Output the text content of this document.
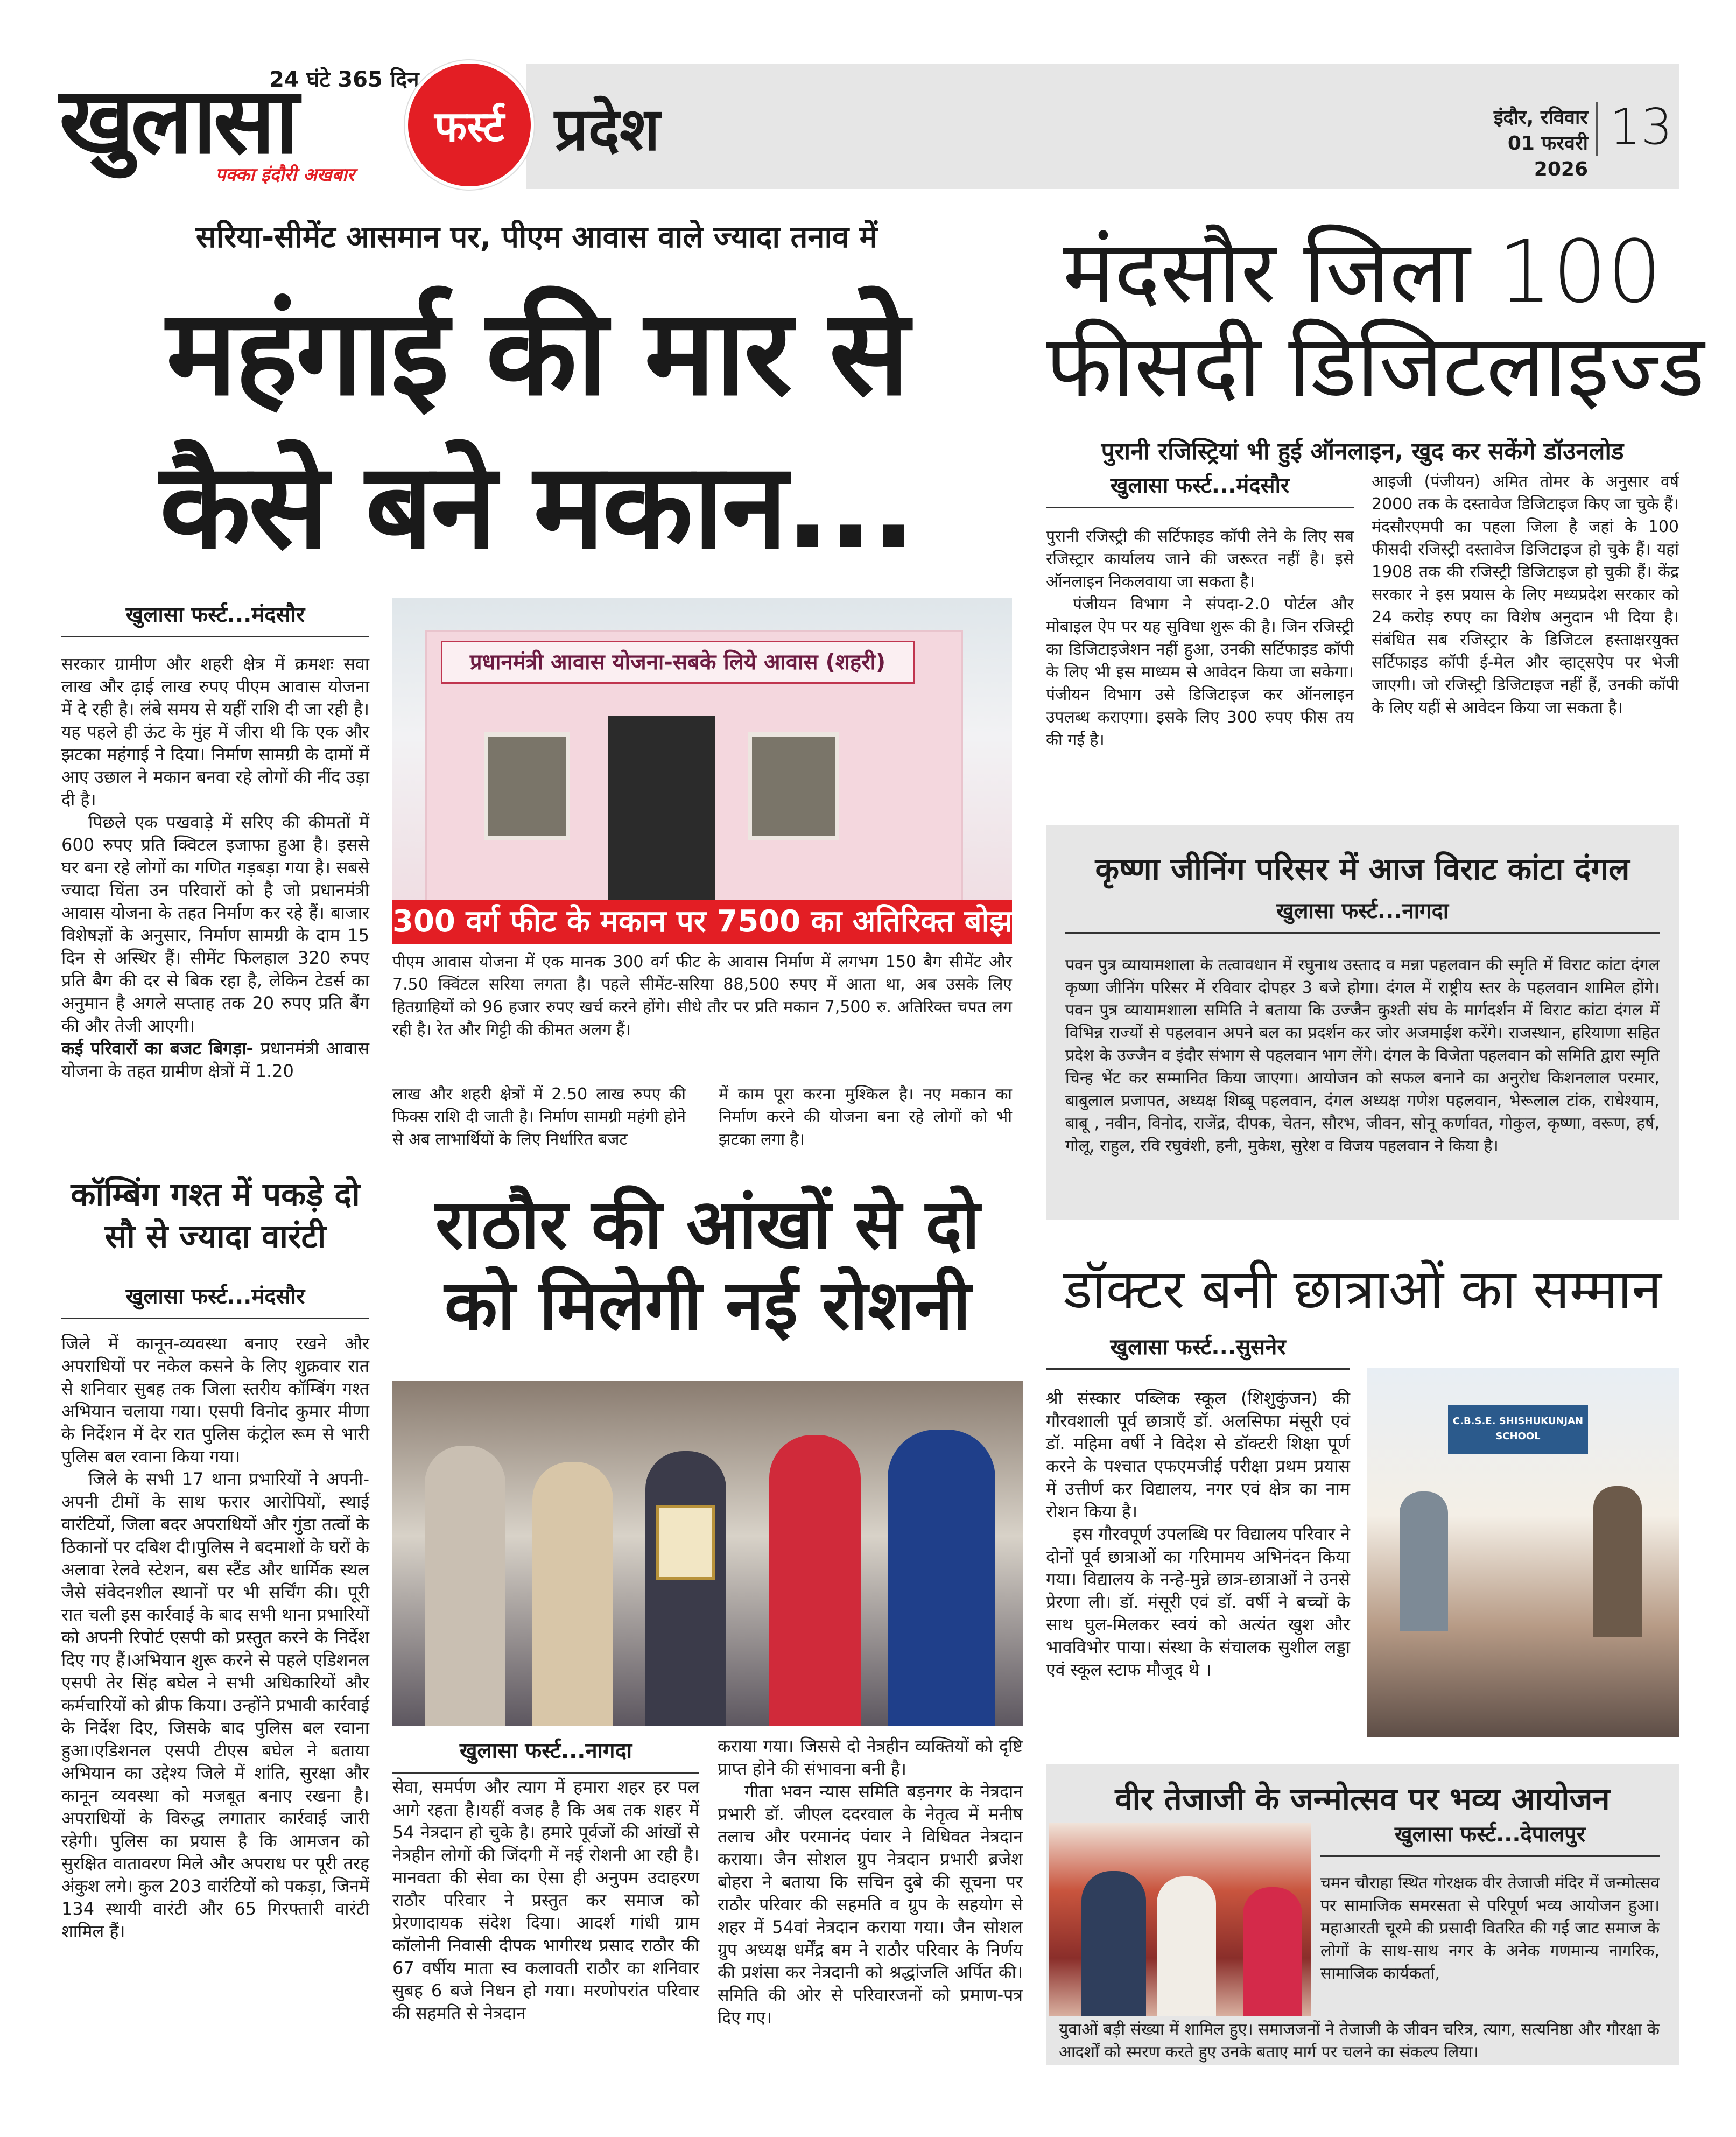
24 घंटे 365 दिन
खुलासा
पक्का इंदौरी अखबार
फर्स्ट प्रदेश	इंदौर, रविवार
01 फरवरी 2026
13
सरिया-सीमेंट आसमान पर, पीएम आवास वाले ज्यादा तनाव में
महंगाई की मार से
कैसे बने मकान...
खुलासा फर्स्ट...मंदसौर

सरकार ग्रामीण और शहरी क्षेत्र में क्रमशः सवा लाख और ढ़ाई लाख रुपए पीएम आवास योजना में दे रही है। लंबे समय से यहीं राशि दी जा रही है। यह पहले ही ऊंट के मुंह में जीरा थी कि एक और झटका महंगाई ने दिया। निर्माण सामग्री के दामों में आए उछाल ने मकान बनवा रहे लोगों की नींद उड़ा दी है।

पिछले एक पखवाड़े में सरिए की कीमतों में 600 रुपए प्रति क्विटल इजाफा हुआ है। इससे घर बना रहे लोगों का गणित गड़बड़ा गया है। सबसे ज्यादा चिंता उन परिवारों को है जो प्रधानमंत्री आवास योजना के तहत निर्माण कर रहे हैं। बाजार विशेषज्ञों के अनुसार, निर्माण सामग्री के दाम 15 दिन से अस्थिर हैं। सीमेंट फिलहाल 320 रुपए प्रति बैग की दर से बिक रहा है, लेकिन टेडर्स का अनुमान है अगले सप्ताह तक 20 रुपए प्रति बैंग की और तेजी आएगी।

कई परिवारों का बजट बिगड़ा- प्रधानमंत्री आवास योजना के तहत ग्रामीण क्षेत्रों में 1.20
प्रधानमंत्री आवास योजना-सबके लिये आवास (शहरी)
300 वर्ग फीट के मकान पर 7500 का अतिरिक्त बोझ
पीएम आवास योजना में एक मानक 300 वर्ग फीट के आवास निर्माण में लगभग 150 बैग सीमेंट और 7.50 क्विंटल सरिया लगता है। पहले सीमेंट-सरिया 88,500 रुपए में आता था, अब उसके लिए हितग्राहियों को 96 हजार रुपए खर्च करने होंगे। सीधे तौर पर प्रति मकान 7,500 रु. अतिरिक्त चपत लग रही है। रेत और गिट्टी की कीमत अलग हैं।
लाख और शहरी क्षेत्रों में 2.50 लाख रुपए की फिक्स राशि दी जाती है। निर्माण सामग्री महंगी होने से अब लाभार्थियों के लिए निर्धारित बजट
में काम पूरा करना मुश्किल है। नए मकान का निर्माण करने की योजना बना रहे लोगों को भी झटका लगा है।
कॉम्बिंग गश्त में पकड़े दो सौ से ज्यादा वारंटी
खुलासा फर्स्ट...मंदसौर

जिले में कानून-व्यवस्था बनाए रखने और अपराधियों पर नकेल कसने के लिए शुक्रवार रात से शनिवार सुबह तक जिला स्तरीय कॉम्बिंग गश्त अभियान चलाया गया। एसपी विनोद कुमार मीणा के निर्देशन में देर रात पुलिस कंट्रोल रूम से भारी पुलिस बल रवाना किया गया।

जिले के सभी 17 थाना प्रभारियों ने अपनी-अपनी टीमों के साथ फरार आरोपियों, स्थाई वारंटियों, जिला बदर अपराधियों और गुंडा तत्वों के ठिकानों पर दबिश दी।पुलिस ने बदमाशों के घरों के अलावा रेलवे स्टेशन, बस स्टैंड और धार्मिक स्थल जैसे संवेदनशील स्थानों पर भी सर्चिंग की। पूरी रात चली इस कार्रवाई के बाद सभी थाना प्रभारियों को अपनी रिपोर्ट एसपी को प्रस्तुत करने के निर्देश दिए गए हैं।अभियान शुरू करने से पहले एडिशनल एसपी तेर सिंह बघेल ने सभी अधिकारियों और कर्मचारियों को ब्रीफ किया। उन्होंने प्रभावी कार्रवाई के निर्देश दिए, जिसके बाद पुलिस बल रवाना हुआ।एडिशनल एसपी टीएस बघेल ने बताया अभियान का उद्देश्य जिले में शांति, सुरक्षा और कानून व्यवस्था को मजबूत बनाए रखना है। अपराधियों के विरुद्ध लगातार कार्रवाई जारी रहेगी। पुलिस का प्रयास है कि आमजन को सुरक्षित वातावरण मिले और अपराध पर पूरी तरह अंकुश लगे। कुल 203 वारंटियों को पकड़ा, जिनमें 134 स्थायी वारंटी और 65 गिरफ्तारी वारंटी शामिल हैं।

राठौर की आंखों से दो को मिलेगी नई रोशनी
खुलासा फर्स्ट...नागदा
सेवा, समर्पण और त्याग में हमारा शहर हर पल आगे रहता है।यहीं वजह है कि अब तक शहर में 54 नेत्रदान हो चुके है। हमारे पूर्वजों की आंखों से नेत्रहीन लोगों की जिंदगी में नई रोशनी आ रही है। मानवता की सेवा का ऐसा ही अनुपम उदाहरण राठौर परिवार ने प्रस्तुत कर समाज को प्रेरणादायक संदेश दिया। आदर्श गांधी ग्राम कॉलोनी निवासी दीपक भागीरथ प्रसाद राठौर की 67 वर्षीय माता स्व कलावती राठौर का शनिवार सुबह 6 बजे निधन हो गया। मरणोपरांत परिवार की सहमति से नेत्रदान

कराया गया। जिससे दो नेत्रहीन व्यक्तियों को दृष्टि प्राप्त होने की संभावना बनी है।

गीता भवन न्यास समिति बड़नगर के नेत्रदान प्रभारी डॉ. जीएल ददरवाल के नेतृत्व में मनीष तलाच और परमानंद पंवार ने विधिवत नेत्रदान कराया। जैन सोशल ग्रुप नेत्रदान प्रभारी ब्रजेश बोहरा ने बताया कि सचिन दुबे की सूचना पर राठौर परिवार की सहमति व ग्रुप के सहयोग से शहर में 54वां नेत्रदान कराया गया। जैन सोशल ग्रुप अध्यक्ष धर्मेंद्र बम ने राठौर परिवार के निर्णय की प्रशंसा कर नेत्रदानी को श्रद्धांजलि अर्पित की। समिति की ओर से परिवारजनों को प्रमाण-पत्र दिए गए।

मंदसौर जिला 100
फीसदी डिजिटलाइज्ड
पुरानी रजिस्ट्रियां भी हुई ऑनलाइन, खुद कर सकेंगे डॉउनलोड
खुलासा फर्स्ट...मंदसौर

पुरानी रजिस्ट्री की सर्टिफाइड कॉपी लेने के लिए सब रजिस्ट्रार कार्यालय जाने की जरूरत नहीं है। इसे ऑनलाइन निकलवाया जा सकता है।

पंजीयन विभाग ने संपदा-2.0 पोर्टल और मोबाइल ऐप पर यह सुविधा शुरू की है। जिन रजिस्ट्री का डिजिटाइजेशन नहीं हुआ, उनकी सर्टिफाइड कॉपी के लिए भी इस माध्यम से आवेदन किया जा सकेगा। पंजीयन विभाग उसे डिजिटाइज कर ऑनलाइन उपलब्ध कराएगा। इसके लिए 300 रुपए फीस तय की गई है।

आइजी (पंजीयन) अमित तोमर के अनुसार वर्ष 2000 तक के दस्तावेज डिजिटाइज किए जा चुके हैं। मंदसौरएमपी का पहला जिला है जहां के 100 फीसदी रजिस्ट्री दस्तावेज डिजिटाइज हो चुके हैं। यहां 1908 तक की रजिस्ट्री डिजिटाइज हो चुकी हैं। केंद्र सरकार ने इस प्रयास के लिए मध्यप्रदेश सरकार को 24 करोड़ रुपए का विशेष अनुदान भी दिया है। संबंधित सब रजिस्ट्रार के डिजिटल हस्ताक्षरयुक्त सर्टिफाइड कॉपी ई-मेल और व्हाट्सऐप पर भेजी जाएगी। जो रजिस्ट्री डिजिटाइज नहीं हैं, उनकी कॉपी के लिए यहीं से आवेदन किया जा सकता है।
कृष्णा जीनिंग परिसर में आज विराट कांटा दंगल
खुलासा फर्स्ट...नागदा
पवन पुत्र व्यायामशाला के तत्वावधान में रघुनाथ उस्ताद व मन्ना पहलवान की स्मृति में विराट कांटा दंगल कृष्णा जीनिंग परिसर में रविवार दोपहर 3 बजे होगा। दंगल में राष्ट्रीय स्तर के पहलवान शामिल होंगे। पवन पुत्र व्यायामशाला समिति ने बताया कि उज्जैन कुश्ती संघ के मार्गदर्शन में विराट कांटा दंगल में विभिन्न राज्यों से पहलवान अपने बल का प्रदर्शन कर जोर अजमाईश करेंगे। राजस्थान, हरियाणा सहित प्रदेश के उज्जैन व इंदौर संभाग से पहलवान भाग लेंगे। दंगल के विजेता पहलवान को समिति द्वारा स्मृति चिन्ह भेंट कर सम्मानित किया जाएगा। आयोजन को सफल बनाने का अनुरोध किशनलाल परमार, बाबुलाल प्रजापत, अध्यक्ष शिब्बू पहलवान, दंगल अध्यक्ष गणेश पहलवान, भेरूलाल टांक, राधेश्याम, बाबू , नवीन, विनोद, राजेंद्र, दीपक, चेतन, सौरभ, जीवन, सोनू कर्णावत, गोकुल, कृष्णा, वरूण, हर्ष, गोलू, राहुल, रवि रघुवंशी, हनी, मुकेश, सुरेश व विजय पहलवान ने किया है।
डॉक्टर बनी छात्राओं का सम्मान
खुलासा फर्स्ट...सुसनेर

श्री संस्कार पब्लिक स्कूल (शिशुकुंजन) की गौरवशाली पूर्व छात्राएँ डॉ. अलसिफा मंसूरी एवं डॉ. महिमा वर्षी ने विदेश से डॉक्टरी शिक्षा पूर्ण करने के पश्चात एफएमजीई परीक्षा प्रथम प्रयास में उत्तीर्ण कर विद्यालय, नगर एवं क्षेत्र का नाम रोशन किया है।

इस गौरवपूर्ण उपलब्धि पर विद्यालय परिवार ने दोनों पूर्व छात्राओं का गरिमामय अभिनंदन किया गया। विद्यालय के नन्हे-मुन्ने छात्र-छात्राओं ने उनसे प्रेरणा ली। डॉ. मंसूरी एवं डॉ. वर्षी ने बच्चों के साथ घुल-मिलकर स्वयं को अत्यंत खुश और भावविभोर पाया। संस्था के संचालक सुशील लड्डा एवं स्कूल स्टाफ मौजूद थे ।

C.B.S.E. SHISHUKUNJAN SCHOOL
वीर तेजाजी के जन्मोत्सव पर भव्य आयोजन
खुलासा फर्स्ट...देपालपुर
चमन चौराहा स्थित गोरक्षक वीर तेजाजी मंदिर में जन्मोत्सव पर सामाजिक समरसता से परिपूर्ण भव्य आयोजन हुआ। महाआरती चूरमे की प्रसादी वितरित की गई जाट समाज के लोगों के साथ-साथ नगर के अनेक गणमान्य नागरिक, सामाजिक कार्यकर्ता,
युवाओं बड़ी संख्या में शामिल हुए। समाजजनों ने तेजाजी के जीवन चरित्र, त्याग, सत्यनिष्ठा और गौरक्षा के आदर्शों को स्मरण करते हुए उनके बताए मार्ग पर चलने का संकल्प लिया।
